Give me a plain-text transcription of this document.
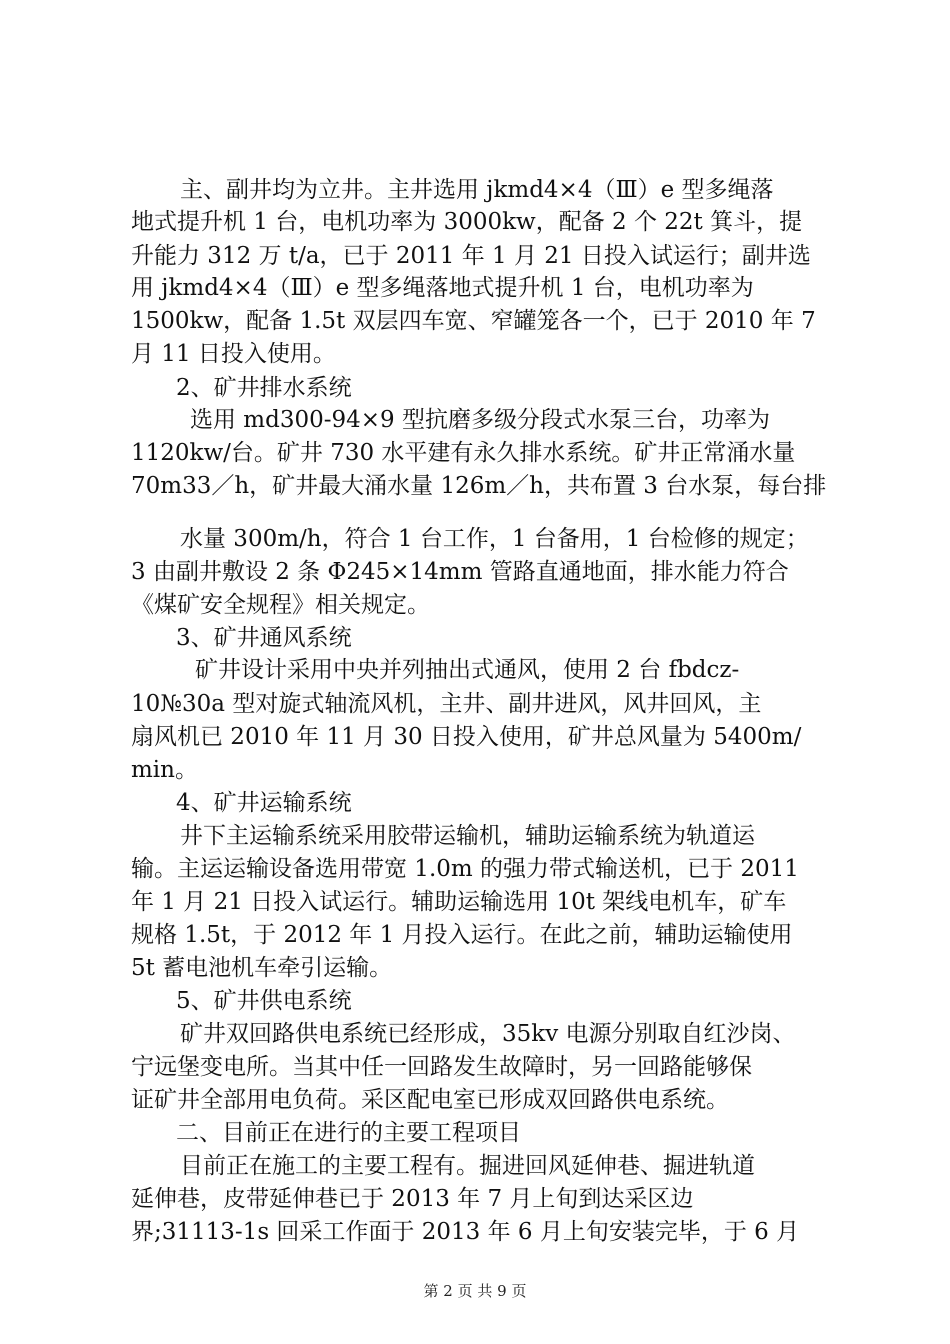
主、副井均为立井。主井选用 jkmd4×4（Ⅲ）e 型多绳落
地式提升机 1 台，电机功率为 3000kw，配备 2 个 22t 箕斗，提
升能力 312 万 t/a，已于 2011 年 1 月 21 日投入试运行；副井选
用 jkmd4×4（Ⅲ）e 型多绳落地式提升机 1 台，电机功率为
1500kw，配备 1.5t 双层四车宽、窄罐笼各一个，已于 2010 年 7
月 11 日投入使用。
2、矿井排水系统
选用 md300-94×9 型抗磨多级分段式水泵三台，功率为
1120kw/台。矿井 730 水平建有永久排水系统。矿井正常涌水量
70m33／h，矿井最大涌水量 126m／h，共布置 3 台水泵，每台排
水量 300m/h，符合 1 台工作，1 台备用，1 台检修的规定；
3 由副井敷设 2 条 Φ245×14mm 管路直通地面，排水能力符合
《煤矿安全规程》相关规定。
3、矿井通风系统
矿井设计采用中央并列抽出式通风，使用 2 台 fbdcz-
10№30a 型对旋式轴流风机，主井、副井进风，风井回风，主
扇风机已 2010 年 11 月 30 日投入使用，矿井总风量为 5400m/
min。
4、矿井运输系统
井下主运输系统采用胶带运输机，辅助运输系统为轨道运
输。主运运输设备选用带宽 1.0m 的强力带式输送机，已于 2011
年 1 月 21 日投入试运行。辅助运输选用 10t 架线电机车，矿车
规格 1.5t，于 2012 年 1 月投入运行。在此之前，辅助运输使用
5t 蓄电池机车牵引运输。
5、矿井供电系统
矿井双回路供电系统已经形成，35kv 电源分别取自红沙岗、
宁远堡变电所。当其中任一回路发生故障时，另一回路能够保
证矿井全部用电负荷。采区配电室已形成双回路供电系统。
二、目前正在进行的主要工程项目
目前正在施工的主要工程有。掘进回风延伸巷、掘进轨道
延伸巷，皮带延伸巷已于 2013 年 7 月上旬到达采区边
界;31113-1s 回采工作面于 2013 年 6 月上旬安装完毕，于 6 月
第 2 页 共 9 页
